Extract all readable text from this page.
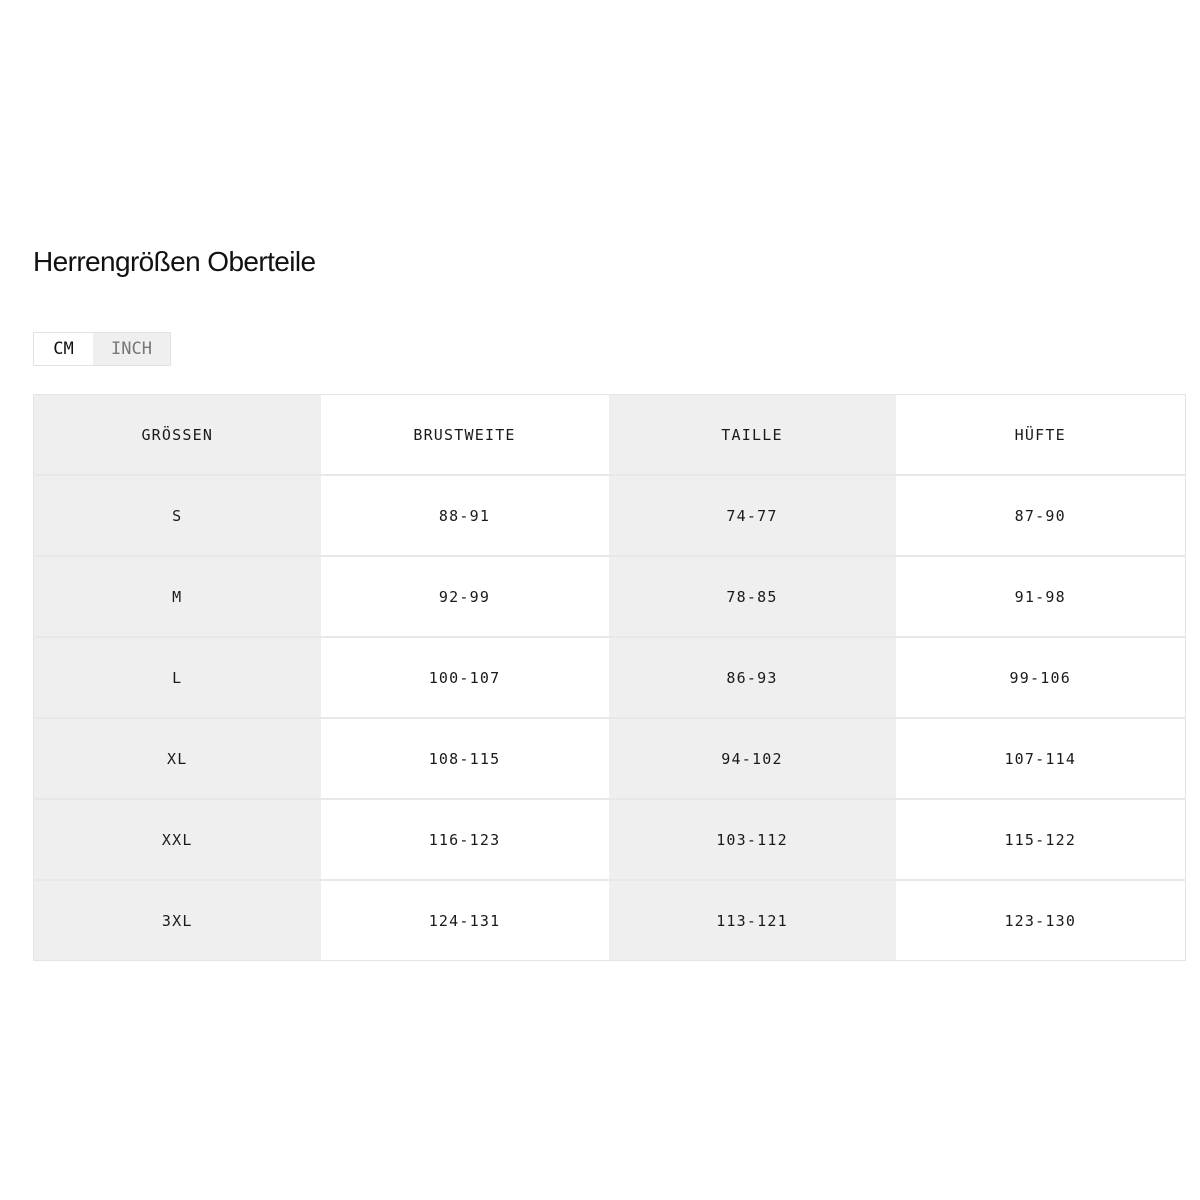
Herrengrößen Oberteile
CM	INCH
GRÖSSEN	BRUSTWEITE	TAILLE	HÜFTE
S	88-91	74-77	87-90
M	92-99	78-85	91-98
L	100-107	86-93	99-106
XL	108-115	94-102	107-114
XXL	116-123	103-112	115-122
3XL	124-131	113-121	123-130
